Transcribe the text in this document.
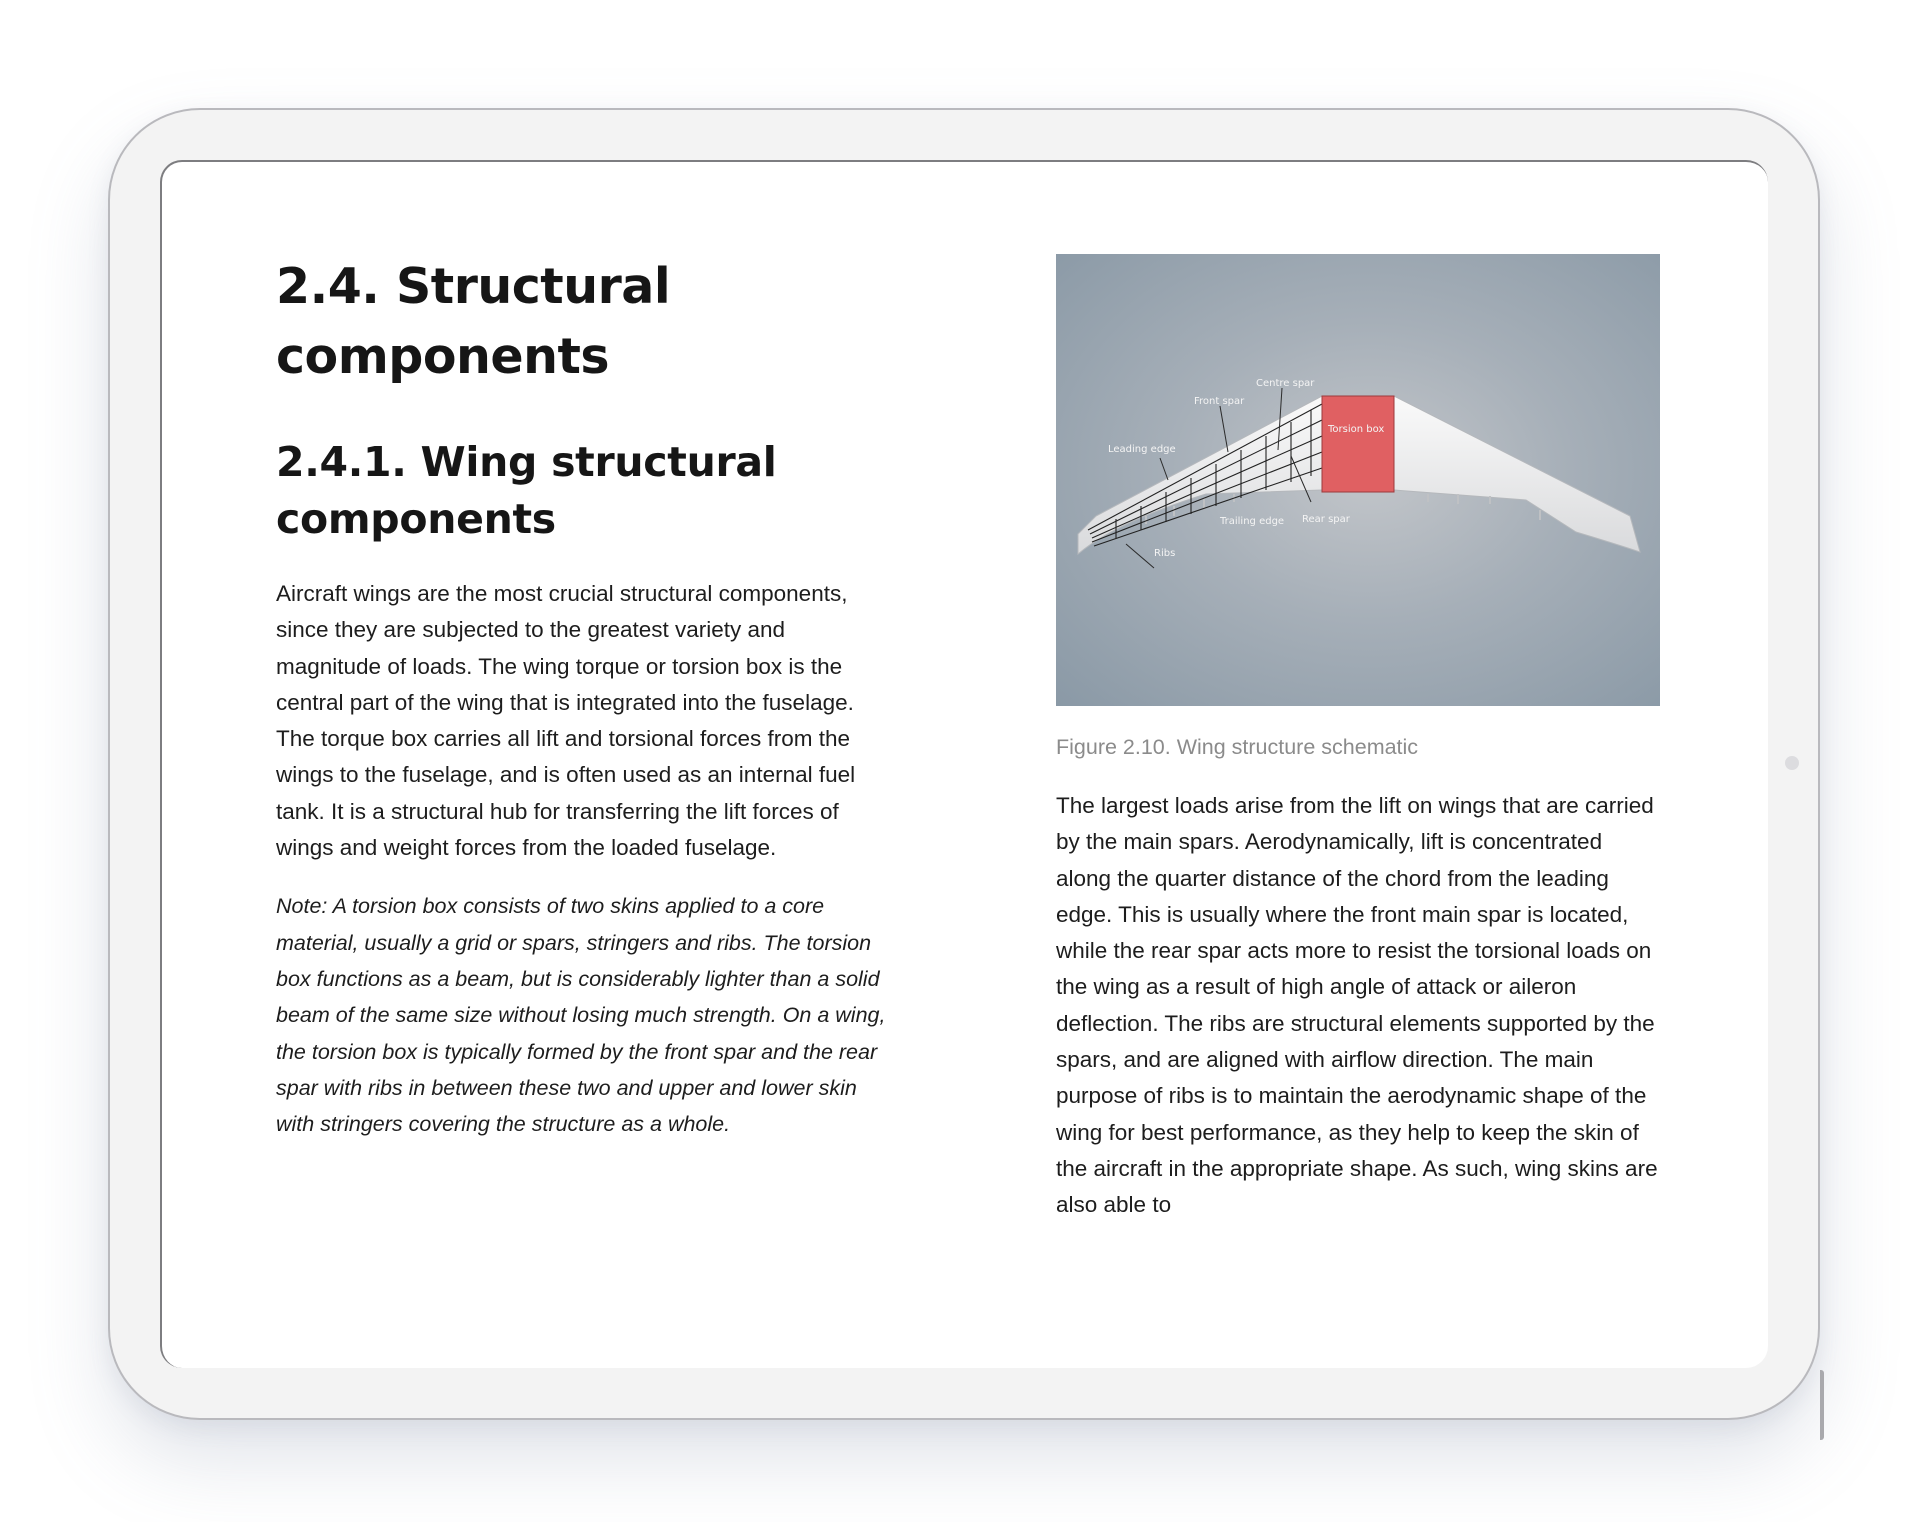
2.4. Structural components
2.4.1. Wing structural components

Aircraft wings are the most crucial structural components, since they are subjected to the greatest variety and magnitude of loads. The wing torque or torsion box is the central part of the wing that is integrated into the fuselage. The torque box carries all lift and torsional forces from the wings to the fuselage, and is often used as an internal fuel tank. It is a structural hub for transferring the lift forces of wings and weight forces from the loaded fuselage.

Note: A torsion box consists of two skins applied to a core material, usually a grid or spars, stringers and ribs. The torsion box functions as a beam, but is considerably lighter than a solid beam of the same size without losing much strength. On a wing, the torsion box is typically formed by the front spar and the rear spar with ribs in between these two and upper and lower skin with stringers covering the structure as a whole.

Centre spar
Front spar
Leading edge
Torsion box
Trailing edge Rear spar
Ribs
Figure 2.10. Wing structure schematic

The largest loads arise from the lift on wings that are carried by the main spars. Aerodynamically, lift is concentrated along the quarter distance of the chord from the leading edge. This is usually where the front main spar is located, while the rear spar acts more to resist the torsional loads on the wing as a result of high angle of attack or aileron deflection. The ribs are structural elements supported by the spars, and are aligned with airflow direction. The main purpose of ribs is to maintain the aerodynamic shape of the wing for best performance, as they help to keep the skin of the aircraft in the appropriate shape. As such, wing skins are also able to
